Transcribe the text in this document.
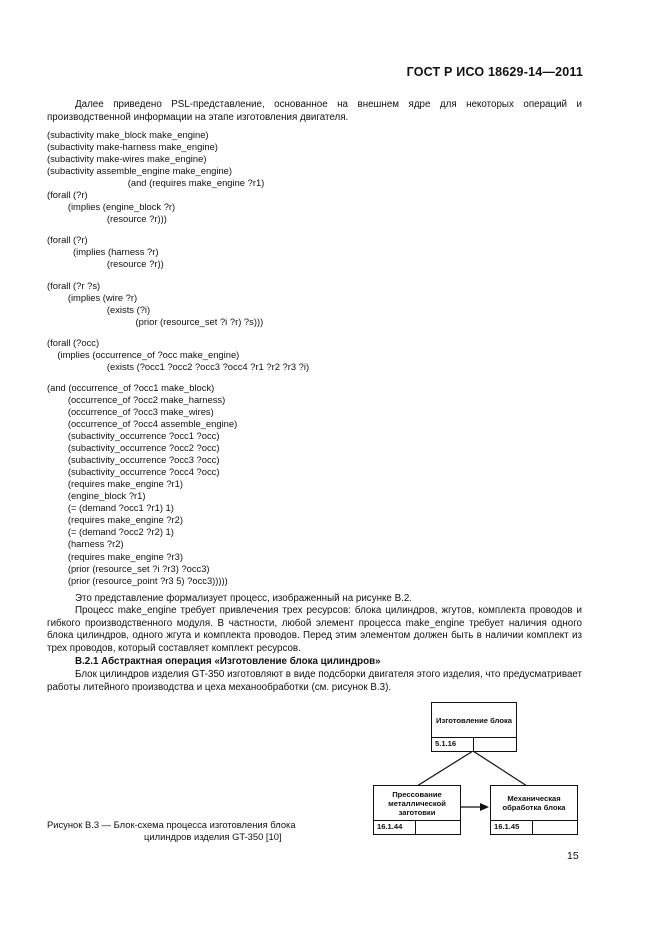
ГОСТ Р ИСО 18629-14—2011
Далее приведено PSL-представление, основанное на внешнем ядре для некоторых операций и производственной информации на этапе изготовления двигателя.
(subactivity make_block make_engine)
(subactivity make-harness make_engine)
(subactivity make-wires make_engine)
(subactivity assemble_engine make_engine)
(and (requires make_engine ?r1)
(forall (?r)
(implies (engine_block ?r)
(resource ?r)))
(forall (?r)
(implies (harness ?r)
(resource ?r))
(forall (?r ?s)
(implies (wire ?r)
(exists (?i)
(prior (resource_set ?i ?r) ?s)))
(forall (?occ)
(implies (occurrence_of ?occ make_engine)
(exists (?occ1 ?occ2 ?occ3 ?occ4 ?r1 ?r2 ?r3 ?i)
(and (occurrence_of ?occ1 make_block)
(occurrence_of ?occ2 make_harness)
(occurrence_of ?occ3 make_wires)
(occurrence_of ?occ4 assemble_engine)
(subactivity_occurrence ?occ1 ?occ)
(subactivity_occurrence ?occ2 ?occ)
(subactivity_occurrence ?occ3 ?occ)
(subactivity_occurrence ?occ4 ?occ)
(requires make_engine ?r1)
(engine_block ?r1)
(= (demand ?occ1 ?r1) 1)
(requires make_engine ?r2)
(= (demand ?occ2 ?r2) 1)
(harness ?r2)
(requires make_engine ?r3)
(prior (resource_set ?i ?r3) ?occ3)
(prior (resource_point ?r3 5) ?occ3)))))
Это представление формализует процесс, изображенный на рисунке В.2.
Процесс make_engine требует привлечения трех ресурсов: блока цилиндров, жгутов, комплекта проводов и гибкого производственного модуля. В частности, любой элемент процесса make_engine требует наличия одного блока цилиндров, одного жгута и комплекта проводов. Перед этим элементом должен быть в наличии комплект из трех проводов, который составляет комплект ресурсов.
В.2.1 Абстрактная операция «Изготовление блока цилиндров»
Блок цилиндров изделия GT-350 изготовляют в виде подсборки двигателя этого изделия, что предусматривает работы литейного производства и цеха механообработки (см. рисунок В.3).
Изготовление блока
5.1.16
Прессование металлической заготовки
16.1.44
Механическая обработка блока
16.1.45
Рисунок В.3 — Блок-схема процесса изготовления блока
цилиндров изделия GT-350 [10]
15
